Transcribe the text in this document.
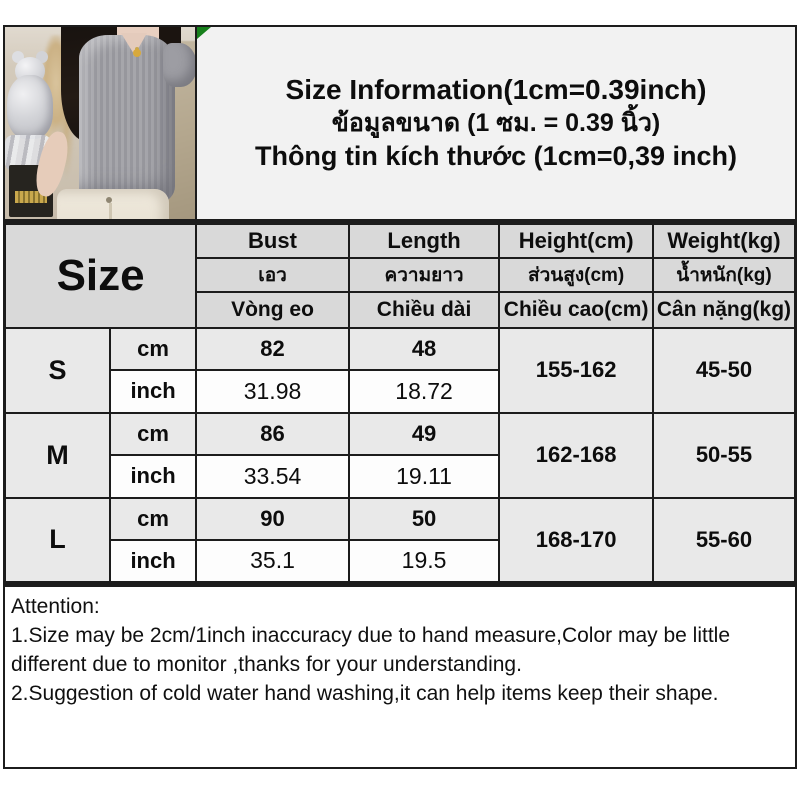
Size Information(1cm=0.39inch)
ข้อมูลขนาด (1 ซม. = 0.39 นิ้ว)
Thông tin kích thước (1cm=0,39 inch)
Size		Bust	Length	Height(cm)	Weight(kg)
		เอว	ความยาว	ส่วนสูง(cm)	น้ำหนัก(kg)
		Vòng eo	Chiều dài	Chiều cao(cm)	Cân nặng(kg)
S	cm	82	48	155-162	45-50
	inch	31.98	18.72		
M	cm	86	49	162-168	50-55
	inch	33.54	19.11		
L	cm	90	50	168-170	55-60
	inch	35.1	19.5		
Attention:
1.Size may be 2cm/1inch inaccuracy due to hand measure,Color may be little different due to monitor ,thanks for your understanding.
2.Suggestion of cold water hand washing,it can help items keep their shape.
